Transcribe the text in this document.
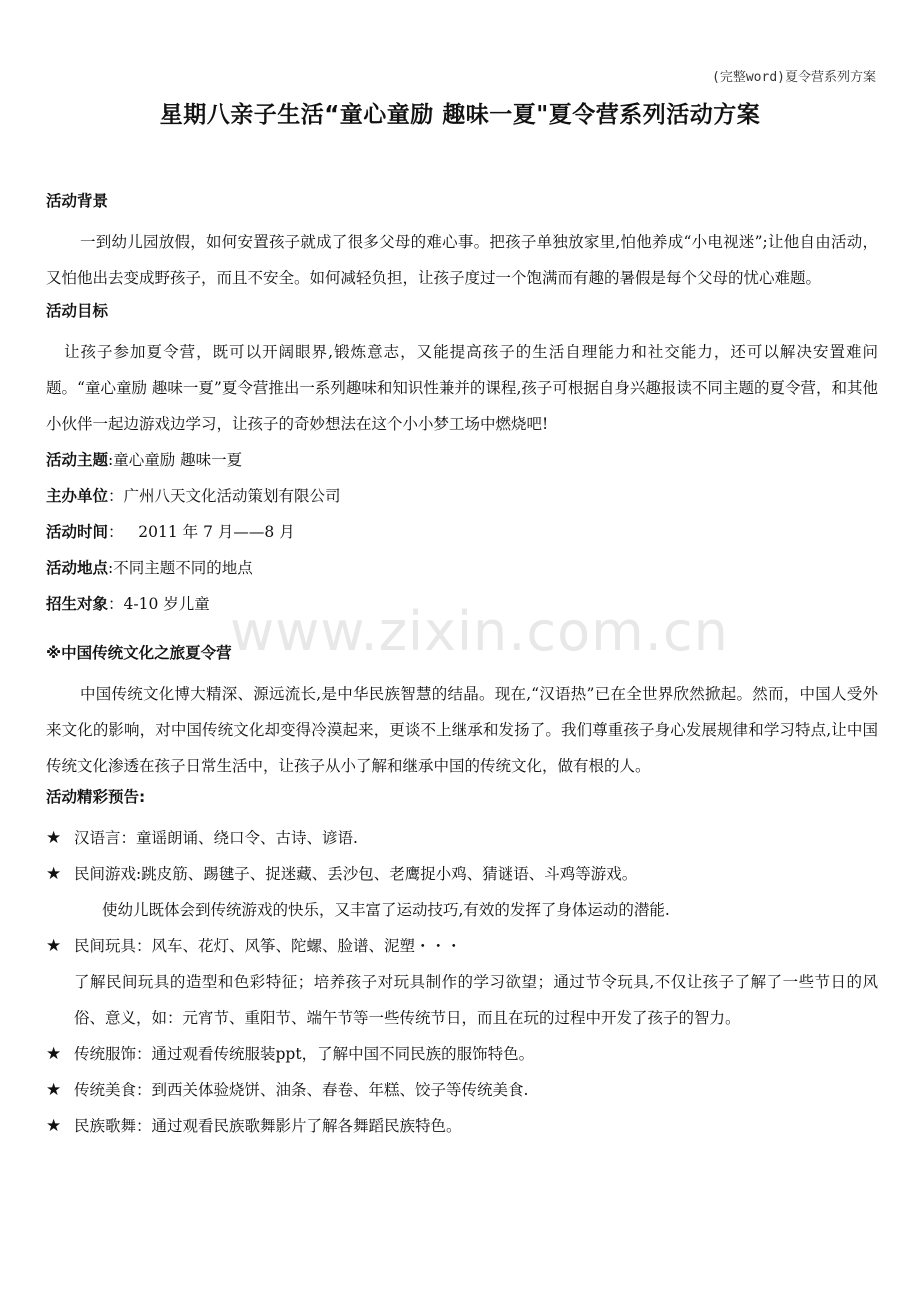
(完整word)夏令营系列方案
星期八亲子生活“童心童励 趣味一夏"夏令营系列活动方案
活动背景
一到幼儿园放假，如何安置孩子就成了很多父母的难心事。把孩子单独放家里,怕他养成“小电视迷”;让他自由活动，又怕他出去变成野孩子，而且不安全。如何减轻负担，让孩子度过一个饱满而有趣的暑假是每个父母的忧心难题。
活动目标
让孩子参加夏令营，既可以开阔眼界,锻炼意志，又能提高孩子的生活自理能力和社交能力，还可以解决安置难问题。“童心童励 趣味一夏”夏令营推出一系列趣味和知识性兼并的课程,孩子可根据自身兴趣报读不同主题的夏令营，和其他小伙伴一起边游戏边学习，让孩子的奇妙想法在这个小小梦工场中燃烧吧!
活动主题:童心童励 趣味一夏
主办单位：广州八天文化活动策划有限公司
活动时间：   2011 年 7 月——8 月
活动地点:不同主题不同的地点
招生对象：4-10 岁儿童
※中国传统文化之旅夏令营
中国传统文化博大精深、源远流长,是中华民族智慧的结晶。现在,“汉语热”已在全世界欣然掀起。然而，中国人受外来文化的影响，对中国传统文化却变得冷漠起来，更谈不上继承和发扬了。我们尊重孩子身心发展规律和学习特点,让中国传统文化渗透在孩子日常生活中，让孩子从小了解和继承中国的传统文化，做有根的人。
活动精彩预告:
★ 汉语言：童谣朗诵、绕口令、古诗、谚语.
★ 民间游戏:跳皮筋、踢毽子、捉迷藏、丢沙包、老鹰捉小鸡、猜谜语、斗鸡等游戏。
使幼儿既体会到传统游戏的快乐，又丰富了运动技巧,有效的发挥了身体运动的潜能.
★ 民间玩具：风车、花灯、风筝、陀螺、脸谱、泥塑・・・
了解民间玩具的造型和色彩特征；培养孩子对玩具制作的学习欲望；通过节令玩具,不仅让孩子了解了一些节日的风俗、意义，如：元宵节、重阳节、端午节等一些传统节日，而且在玩的过程中开发了孩子的智力。
★ 传统服饰：通过观看传统服装ppt，了解中国不同民族的服饰特色。
★ 传统美食：到西关体验烧饼、油条、春卷、年糕、饺子等传统美食.
★ 民族歌舞：通过观看民族歌舞影片了解各舞蹈民族特色。
www.zixin.com.cn
